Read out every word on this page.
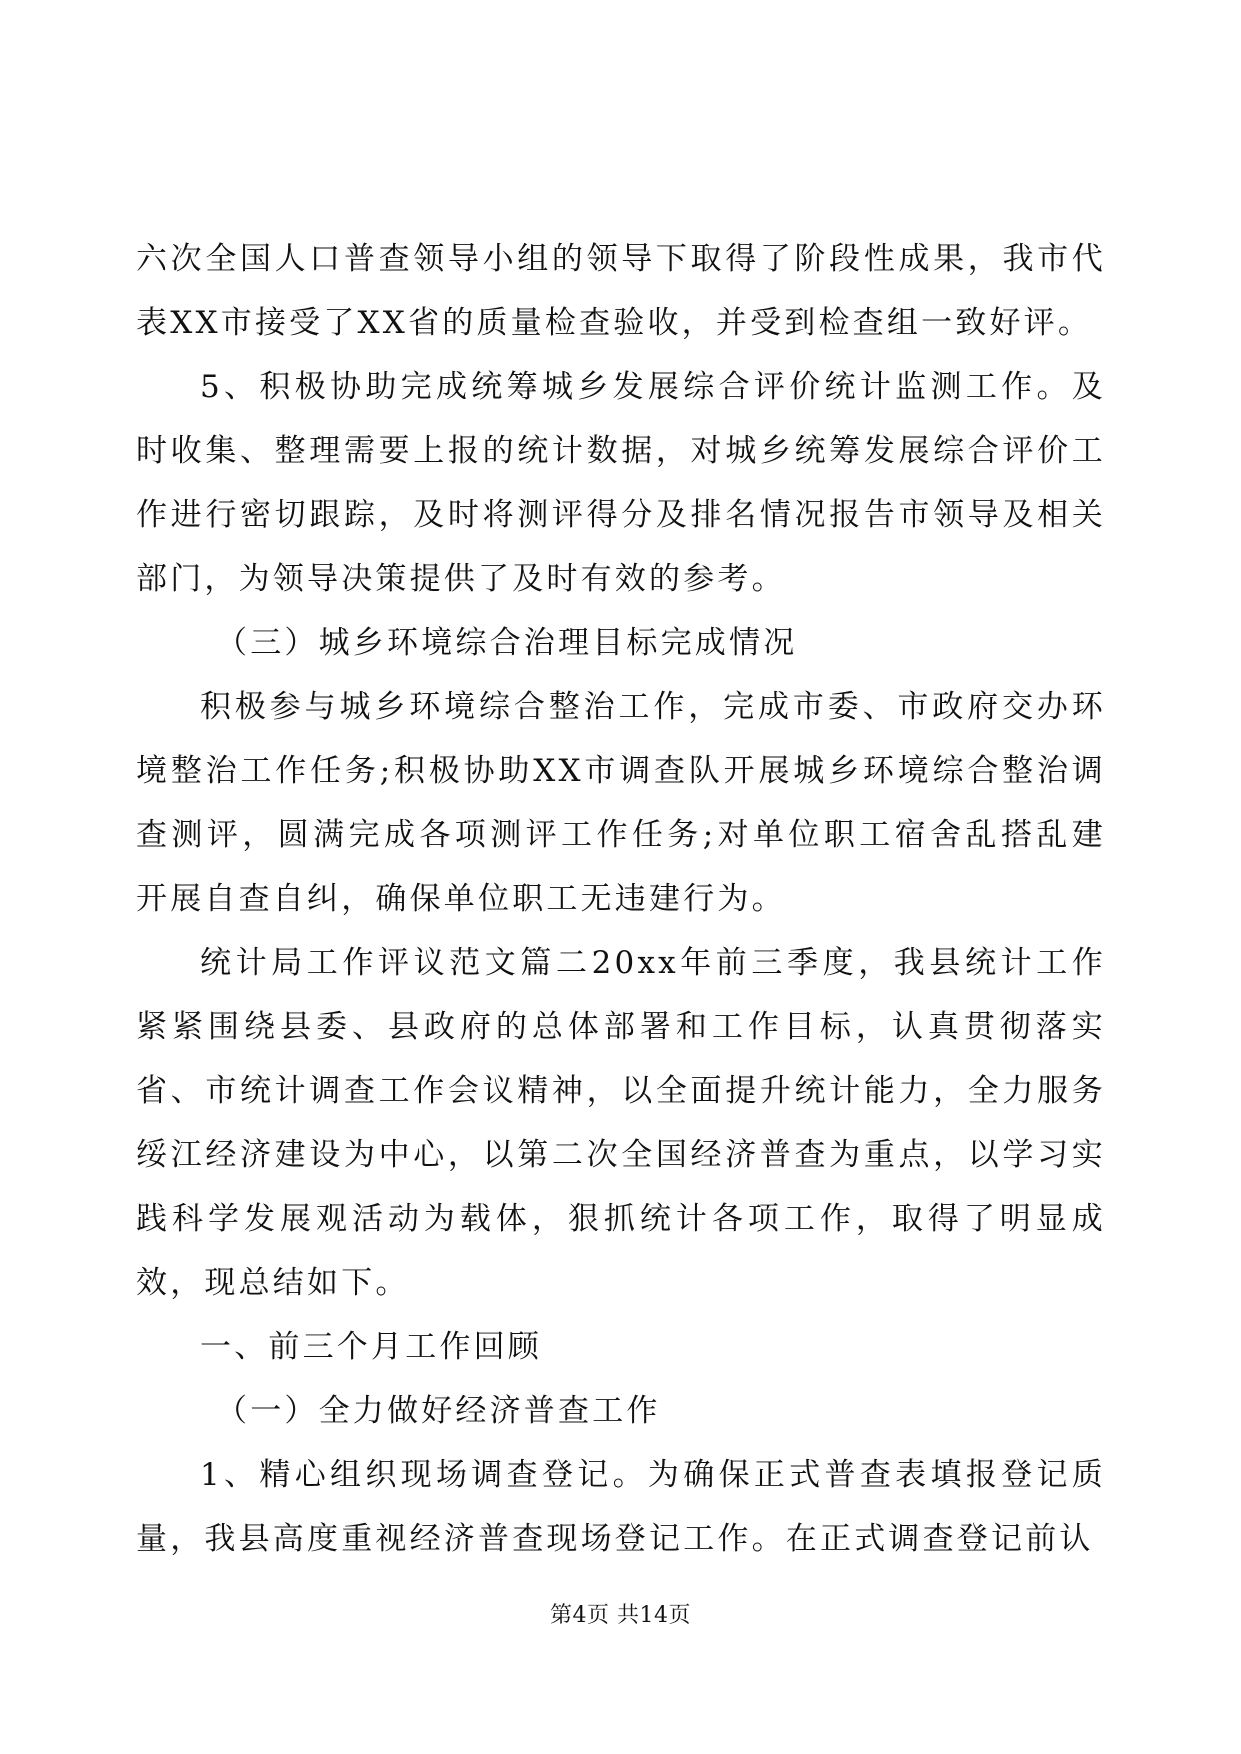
六次全国人口普查领导小组的领导下取得了阶段性成果，我市代表XX市接受了XX省的质量检查验收，并受到检查组一致好评。

5、积极协助完成统筹城乡发展综合评价统计监测工作。及时收集、整理需要上报的统计数据，对城乡统筹发展综合评价工作进行密切跟踪，及时将测评得分及排名情况报告市领导及相关部门，为领导决策提供了及时有效的参考。

（三）城乡环境综合治理目标完成情况

积极参与城乡环境综合整治工作，完成市委、市政府交办环境整治工作任务;积极协助XX市调查队开展城乡环境综合整治调查测评，圆满完成各项测评工作任务;对单位职工宿舍乱搭乱建开展自查自纠，确保单位职工无违建行为。

统计局工作评议范文篇二20xx年前三季度，我县统计工作紧紧围绕县委、县政府的总体部署和工作目标，认真贯彻落实省、市统计调查工作会议精神，以全面提升统计能力，全力服务绥江经济建设为中心，以第二次全国经济普查为重点，以学习实践科学发展观活动为载体，狠抓统计各项工作，取得了明显成效，现总结如下。

一、前三个月工作回顾

（一）全力做好经济普查工作

1、精心组织现场调查登记。为确保正式普查表填报登记质量，我县高度重视经济普查现场登记工作。在正式调查登记前认

第4页 共14页
